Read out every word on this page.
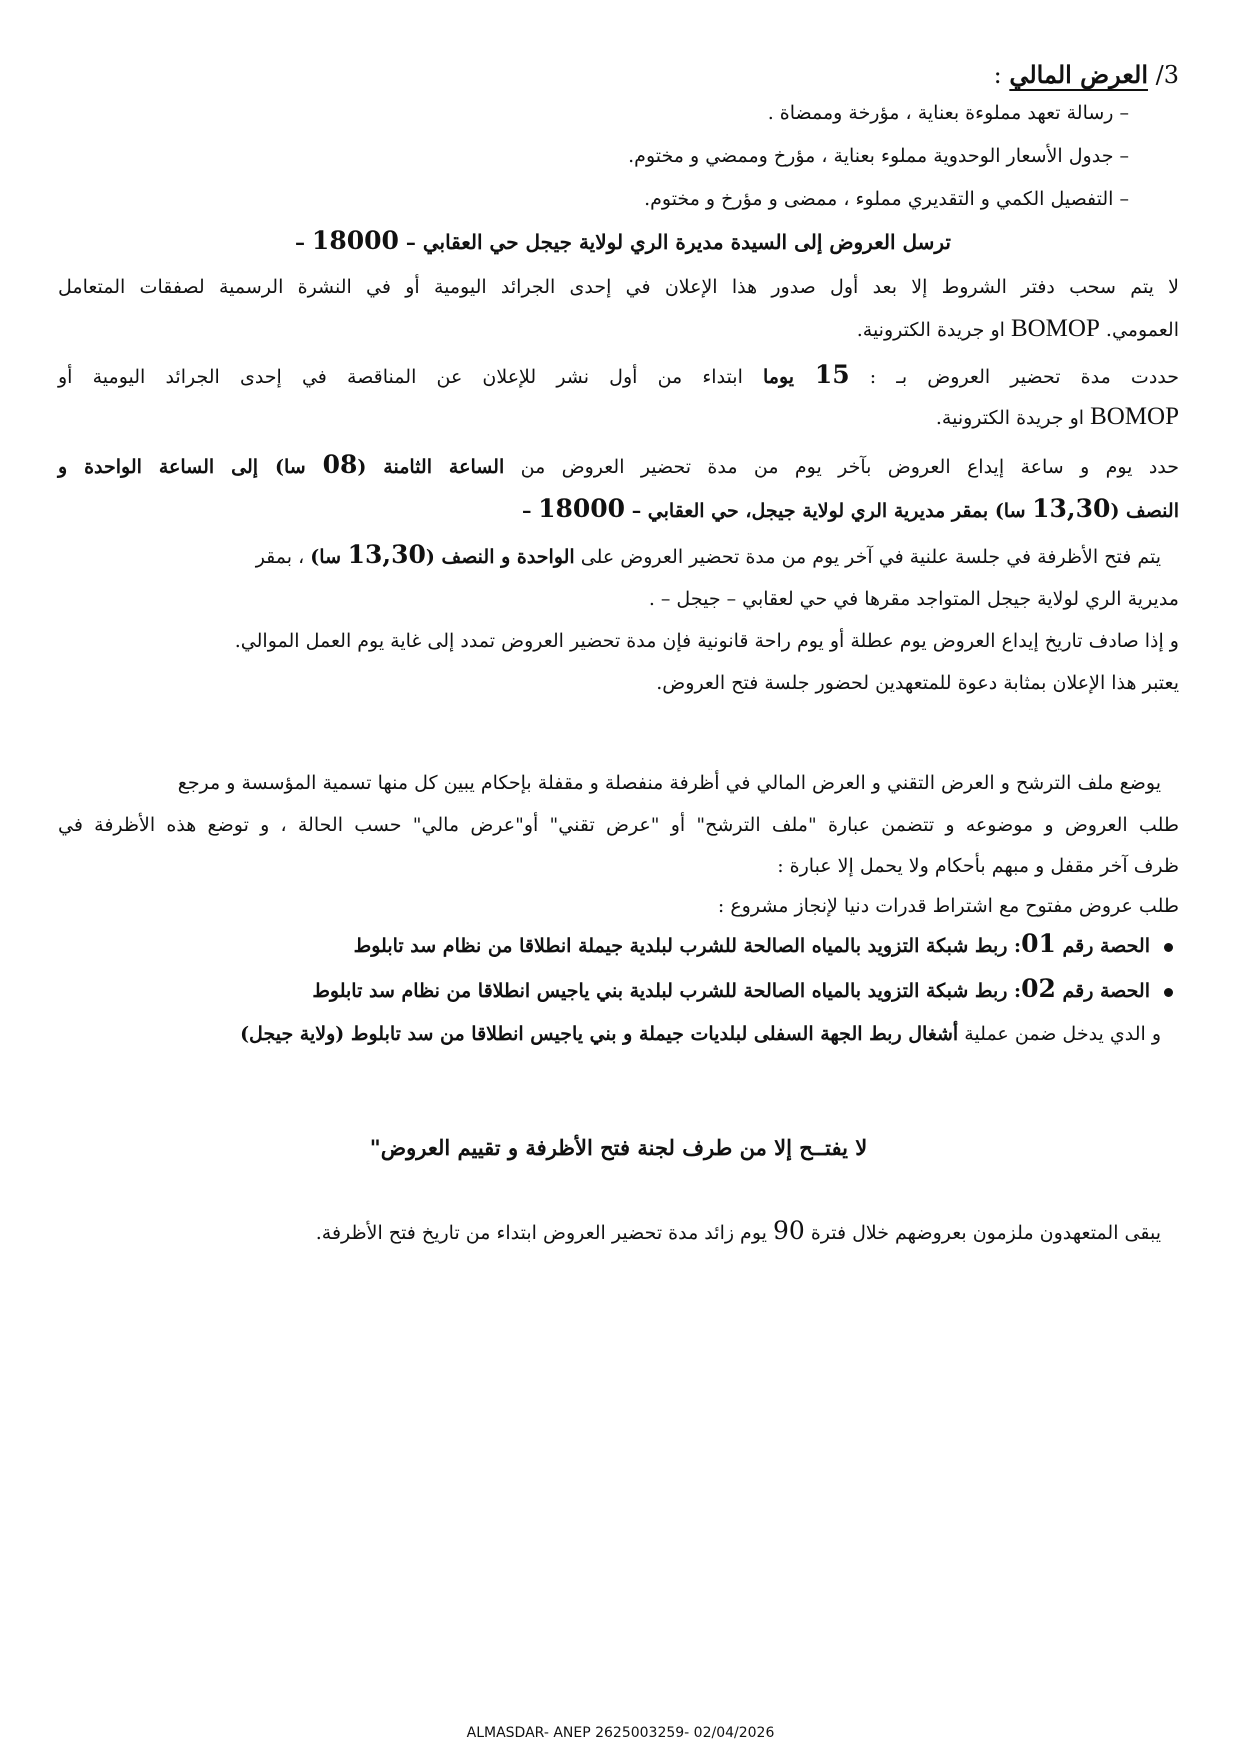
3/ العرض المالي :
– رسالة تعهد مملوءة بعناية ، مؤرخة وممضاة .
– جدول الأسعار الوحدوية مملوء بعناية ، مؤرخ وممضي و مختوم.
– التفصيل الكمي و التقديري مملوء ، ممضى و مؤرخ و مختوم.
ترسل العروض إلى السيدة مديرة الري لولاية جيجل حي العقابي – 18000 –
لا يتم سحب دفتر الشروط إلا بعد أول صدور هذا الإعلان في إحدى الجرائد اليومية أو في النشرة الرسمية لصفقات المتعامل
العمومي. BOMOP او جريدة الكترونية.
حددت مدة تحضير العروض بـ : 15 يوما ابتداء من أول نشر للإعلان عن المناقصة في إحدى الجرائد اليومية أو
BOMOP او جريدة الكترونية.
حدد يوم و ساعة إيداع العروض بآخر يوم من مدة تحضير العروض من الساعة الثامنة (08 سا) إلى الساعة الواحدة و
النصف (13,30 سا) بمقر مديرية الري لولاية جيجل، حي العقابي – 18000 –
يتم فتح الأظرفة في جلسة علنية في آخر يوم من مدة تحضير العروض على الواحدة و النصف (13,30 سا) ، بمقر
مديرية الري لولاية جيجل المتواجد مقرها في حي لعقابي – جيجل – .
و إذا صادف تاريخ إيداع العروض يوم عطلة أو يوم راحة قانونية فإن مدة تحضير العروض تمدد إلى غاية يوم العمل الموالي.
يعتبر هذا الإعلان بمثابة دعوة للمتعهدين لحضور جلسة فتح العروض.
يوضع ملف الترشح و العرض التقني و العرض المالي في أظرفة منفصلة و مقفلة بإحكام يبين كل منها تسمية المؤسسة و مرجع
طلب العروض و موضوعه و تتضمن عبارة "ملف الترشح" أو "عرض تقني" أو"عرض مالي" حسب الحالة ، و توضع هذه الأظرفة في
ظرف آخر مقفل و مبهم بأحكام ولا يحمل إلا عبارة :
طلب عروض مفتوح مع اشتراط قدرات دنيا لإنجاز مشروع :
الحصة رقم 01: ربط شبكة التزويد بالمياه الصالحة للشرب لبلدية جيملة انطلاقا من نظام سد تابلوط
الحصة رقم 02: ربط شبكة التزويد بالمياه الصالحة للشرب لبلدية بني ياجيس انطلاقا من نظام سد تابلوط
و الدي يدخل ضمن عملية أشغال ربط الجهة السفلى لبلديات جيملة و بني ياجيس انطلاقا من سد تابلوط (ولاية جيجل)
لا يفتــح إلا من طرف لجنة فتح الأظرفة و تقييم العروض"
يبقى المتعهدون ملزمون بعروضهم خلال فترة 90 يوم زائد مدة تحضير العروض ابتداء من تاريخ فتح الأظرفة.
ALMASDAR- ANEP 2625003259- 02/04/2026
